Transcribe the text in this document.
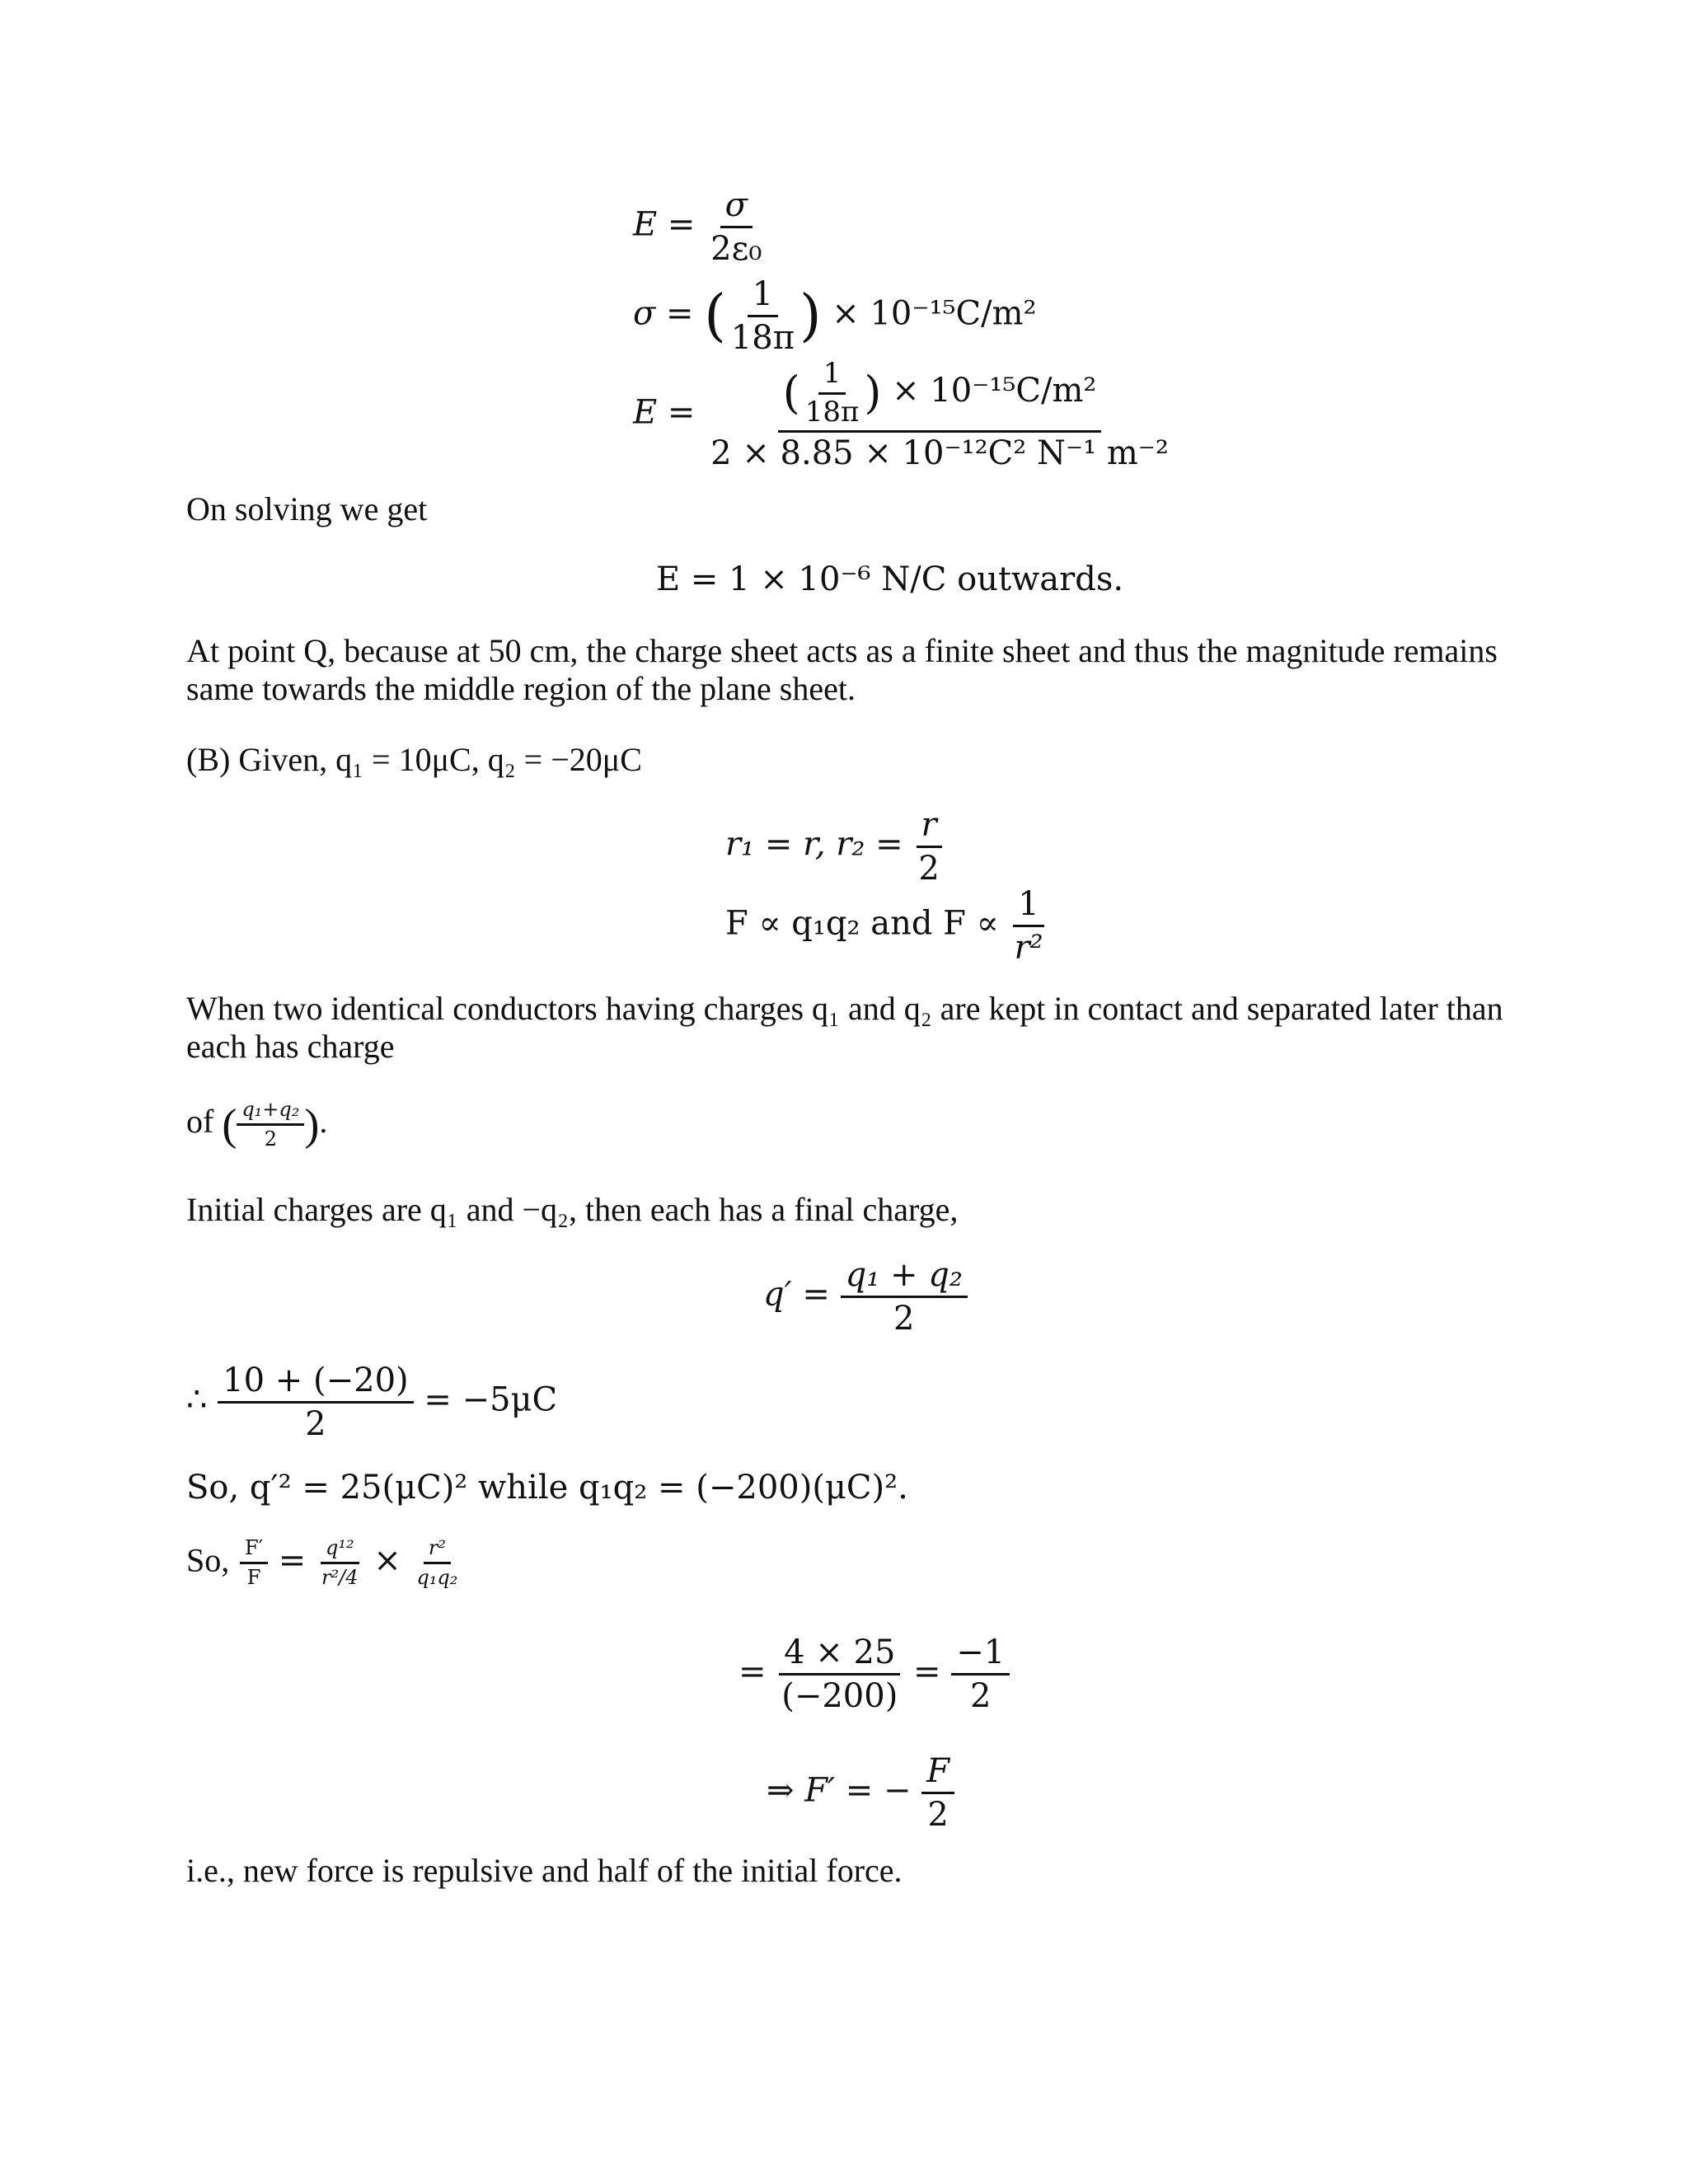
$E = \frac{\sigma}{\text{2ε₀}}$
σ = ( $\frac{1}{18\pi}$ ) × 10⁻¹⁵C/m²
$E = \frac{( \frac{1}{18\pi} ) \times 10^{-15}C/m^2}{\text{2 × 8.85 × 10⁻¹²C² N⁻¹ m⁻²}}$
On solving we get
E = 1 × 10⁻⁶ N/C outwards.
At point Q, because at 50 cm, the charge sheet acts as a finite sheet and thus the magnitude remains
same towards the middle region of the plane sheet.
(B) Given, q₁ = 10μC, q₂ = −20μC
r₁ = r, $r_2 = \frac{r}{2}$
F ∝ q₁q₂ and $F \propto \frac{1}{\text{r²}}$
When two identical conductors having charges q₁ and q₂ are kept in contact and separated later than
each has charge
of ( $\frac{\text{q₁+q₂}}{2}$ ).
Initial charges are q₁ and −q₂, then each has a final charge,
$q' = \frac{\text{q₁ + q₂}}{2}$
∴ $\frac{10 + (-20)}{2} = -5\mu C$
So, q′² = 25(μC)² while q₁q₂ = (−200)(μC)².
So, $\frac{F'}{F} = \frac{\text{q¹²}}{\text{r²/4}} \times \frac{\text{r²}}{\text{q₁q₂}}$
= $\frac{4 \times 25}{(-200)} = \frac{-1}{2}$
⇒ F′ = − $\frac{F}{2}$
i.e., new force is repulsive and half of the initial force.
